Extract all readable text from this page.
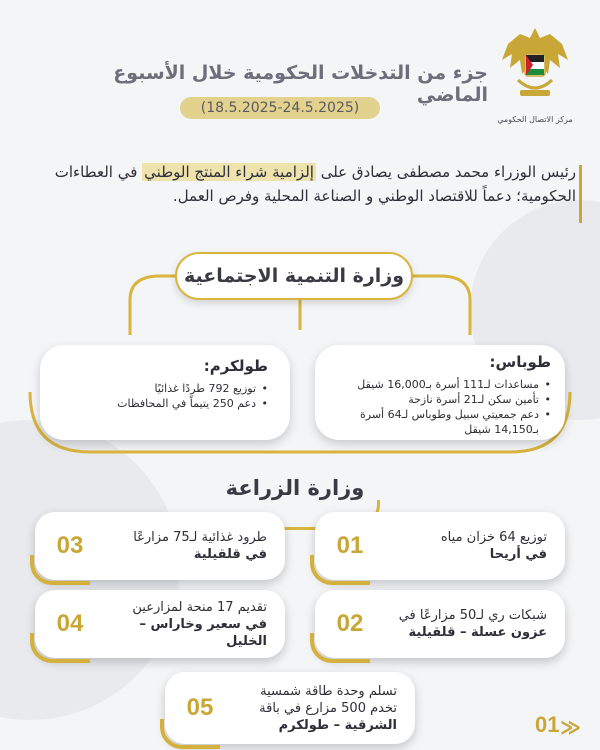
مركز الاتصال الحكومي
جزء من التدخلات الحكومية خلال الأسبوع الماضي
(18.5.2025-24.5.2025)
رئيس الوزراء محمد مصطفى يصادق على إلزامية شراء المنتج الوطني في العطاءات الحكومية؛ دعماً للاقتصاد الوطني و الصناعة المحلية وفرص العمل.
وزارة التنمية الاجتماعية
طوباس:
• مساعدات لـ111 أسرة بـ16,000 شيقل
• تأمين سكن لـ21 أسرة نازحة
• دعم جمعيتي سبيل وطوباس لـ64 أسرة بـ14,150 شيقل
طولكرم:
• توزيع 792 طردًا غذائيًا
• دعم 250 يتيماً في المحافظات
وزارة الزراعة
01	توزيع 64 خزان مياه
في أريحا
02	شبكات ري لـ50 مزارعًا في
عزون عسلة – قلقيلية
03	طرود غذائية لـ75 مزارعًا
في قلقيلية
04
تقديم 17 منحة لمزارعين
في سعير وخاراس – الخليل
05
تسلم وحدة طاقة شمسية
تخدم 500 مزارع في باقة
الشرقية – طولكرم	01 ≫
